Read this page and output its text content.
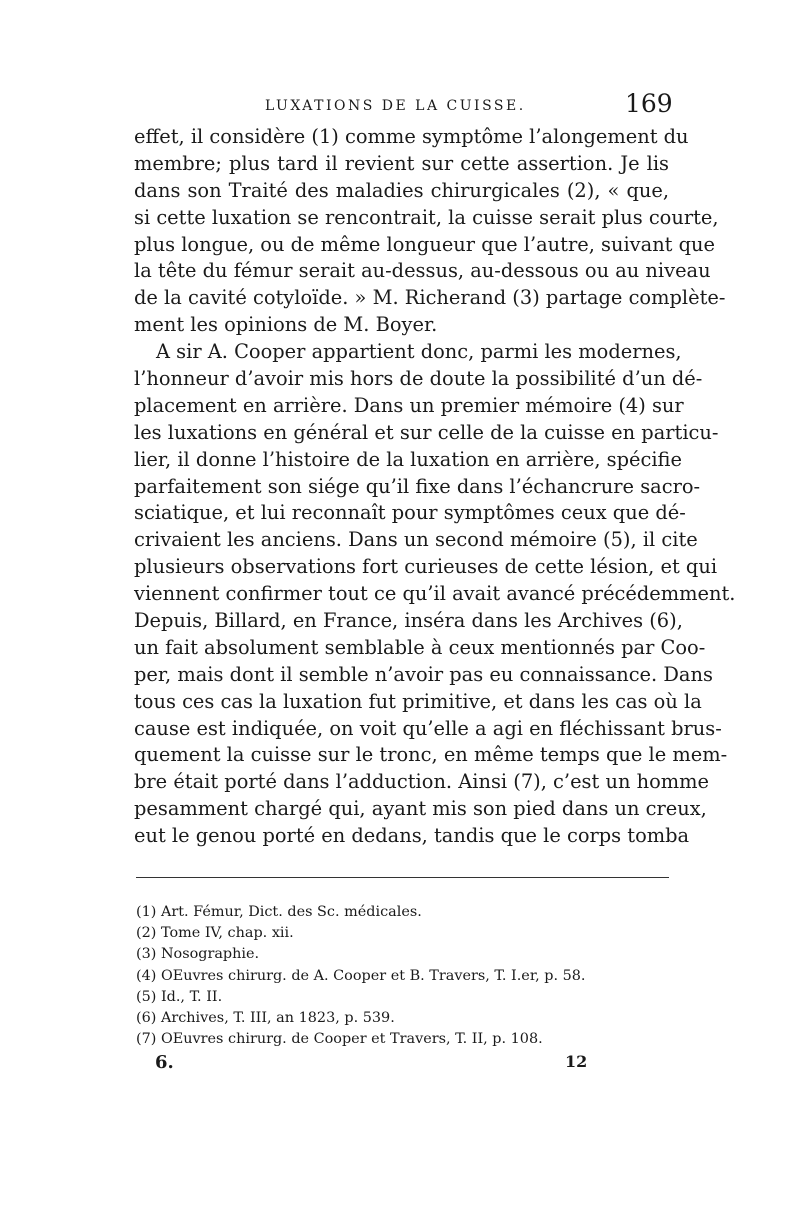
LUXATIONS DE LA CUISSE.	169
effet, il considère (1) comme symptôme l’alongement du
membre; plus tard il revient sur cette assertion. Je lis
dans son Traité des maladies chirurgicales (2), « que,
si cette luxation se rencontrait, la cuisse serait plus courte,
plus longue, ou de même longueur que l’autre, suivant que
la tête du fémur serait au-dessus, au-dessous ou au niveau
de la cavité cotyloïde. » M. Richerand (3) partage complète-
ment les opinions de M. Boyer.
A sir A. Cooper appartient donc, parmi les modernes,
l’honneur d’avoir mis hors de doute la possibilité d’un dé-
placement en arrière. Dans un premier mémoire (4) sur
les luxations en général et sur celle de la cuisse en particu-
lier, il donne l’histoire de la luxation en arrière, spécifie
parfaitement son siége qu’il fixe dans l’échancrure sacro-
sciatique, et lui reconnaît pour symptômes ceux que dé-
crivaient les anciens. Dans un second mémoire (5), il cite
plusieurs observations fort curieuses de cette lésion, et qui
viennent confirmer tout ce qu’il avait avancé précédemment.
Depuis, Billard, en France, inséra dans les Archives (6),
un fait absolument semblable à ceux mentionnés par Coo-
per, mais dont il semble n’avoir pas eu connaissance. Dans
tous ces cas la luxation fut primitive, et dans les cas où la
cause est indiquée, on voit qu’elle a agi en fléchissant brus-
quement la cuisse sur le tronc, en même temps que le mem-
bre était porté dans l’adduction. Ainsi (7), c’est un homme
pesamment chargé qui, ayant mis son pied dans un creux,
eut le genou porté en dedans, tandis que le corps tomba
(1) Art. Fémur, Dict. des Sc. médicales.
(2) Tome IV, chap. xii.
(3) Nosographie.
(4) OEuvres chirurg. de A. Cooper et B. Travers, T. I.er, p. 58.
(5) Id., T. II.
(6) Archives, T. III, an 1823, p. 539.
(7) OEuvres chirurg. de Cooper et Travers, T. II, p. 108.
6.	12
